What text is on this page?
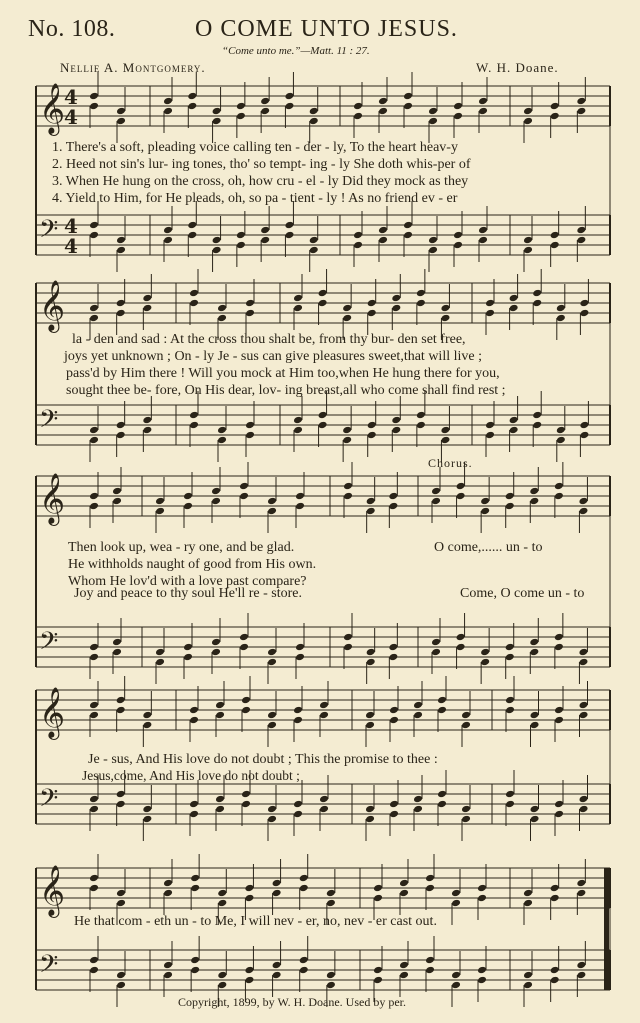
No. 108.	O COME UNTO JESUS.
“Come unto me.”—Matt. 11 : 27.
Nellie A. Montgomery.	W. H. Doane.
𝄞
𝄢
𝄞
𝄢
𝄞
𝄢
𝄞
𝄢
𝄞
𝄢
4
4
4
4
1. There's a soft, pleading voice calling ten - der - ly, To the heart heav-y
2. Heed not sin's lur- ing tones, tho' so tempt- ing - ly She doth whis-per of
3. When He hung on the cross, oh, how cru - el - ly Did they mock as they
4. Yield to Him, for He pleads, oh, so pa - tient - ly ! As no friend ev - er
la - den and sad : At the cross thou shalt be, from thy bur- den set free,
joys yet unknown ; On - ly Je - sus can give pleasures sweet,that will live ;
pass'd by Him there ! Will you mock at Him too,when He hung there for you,
sought thee be- fore, On His dear, lov- ing breast,all who come shall find rest ;
Chorus.
Then look up, wea - ry one, and be glad.
He withholds naught of good from His own.
Whom He lov'd with a love past compare?
Joy and peace to thy soul He'll re - store.
O come,...... un - to
Come, O come un - to
Je - sus, And His love do not doubt ; This the promise to thee :
Jesus,come, And His love do not doubt ;
He that com - eth un - to Me, I will nev - er, no, nev - er cast out.
Copyright, 1899, by W. H. Doane. Used by per.
